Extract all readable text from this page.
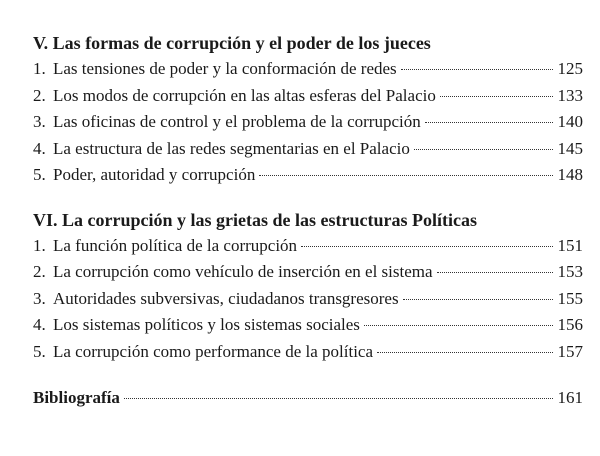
V. Las formas de corrupción y el poder de los jueces
1. Las tensiones de poder y la conformación de redes	125
2. Los modos de corrupción en las altas esferas del Palacio	133
3. Las oficinas de control y el problema de la corrupción	140
4. La estructura de las redes segmentarias en el Palacio	145
5. Poder, autoridad y corrupción	148
VI. La corrupción y las grietas de las estructuras Políticas
1. La función política de la corrupción	151
2. La corrupción como vehículo de inserción en el sistema	153
3. Autoridades subversivas, ciudadanos transgresores	155
4. Los sistemas políticos y los sistemas sociales	156
5. La corrupción como performance de la política	157
Bibliografía	161
